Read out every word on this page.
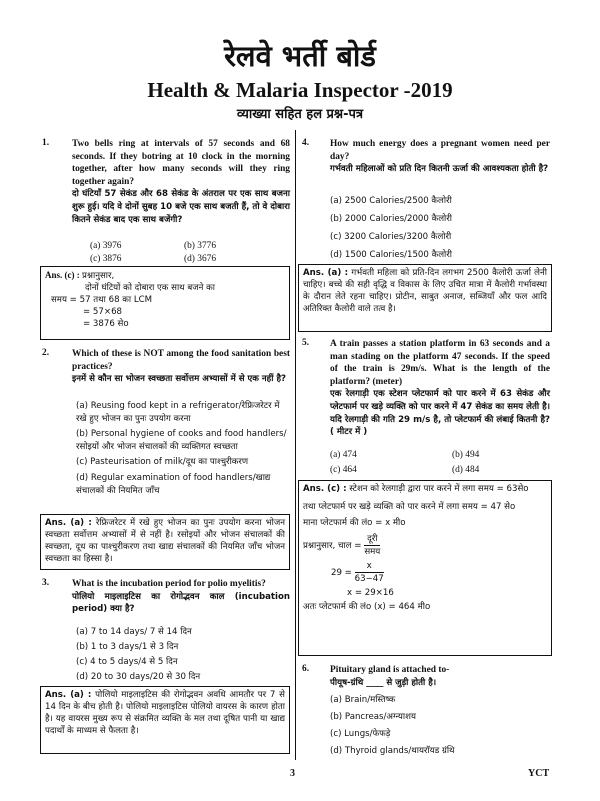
रेलवे भर्ती बोर्ड
Health & Malaria Inspector -2019
व्याख्या सहित हल प्रश्न-पत्र
1. Two bells ring at intervals of 57 seconds and 68 seconds. If they botring at 10 clock in the morning together, after how many seconds will they ring together again?
दो घंटियाँ 57 सेकंड और 68 सेकंड के अंतराल पर एक साथ बजना शुरू हुई। यदि वे दोनों सुबह 10 बजे एक साथ बजती हैं, तो वे दोबारा कितने सेकंड बाद एक साथ बजेंगी?
(a) 3976	(b) 3776
(c) 3876	(d) 3676
Ans. (c) : प्रश्नानुसार,
दोनों घंटियों को दोबारा एक साथ बजने का
समय = 57 तथा 68 का LCM
= 57×68
= 3876 सेo
2. Which of these is NOT among the food sanitation best practices?
इनमें से कौन सा भोजन स्वच्छता सर्वोत्तम अभ्यासों में से एक नहीं है?
(a) Reusing food kept in a refrigerator/रेफ्रिजरेटर में रखे हुए भोजन का पुनः उपयोग करना
(b) Personal hygiene of cooks and food handlers/रसोइयों और भोजन संचालकों की व्यक्तिगत स्वच्छता
(c) Pasteurisation of milk/दूध का पाश्चुरीकरण
(d) Regular examination of food handlers/खाद्य संचालकों की नियमित जाँच
Ans. (a) : रेफ्रिजरेटर में रखे हुए भोजन का पुनः उपयोग करना भोजन स्वच्छता सर्वोत्तम अभ्यासों में से नहीं है। रसोइयों और भोजन संचालकों की स्वच्छता, दूध का पाश्चुरीकरण तथा खाद्य संचालकों की नियमित जाँच भोजन स्वच्छता का हिस्सा है।
3. What is the incubation period for polio myelitis?
पोलियो माइलाइटिस का रोगोद्भवन काल (incubation period) क्या है?
(a) 7 to 14 days/ 7 से 14 दिन
(b) 1 to 3 days/1 से 3 दिन
(c) 4 to 5 days/4 से 5 दिन
(d) 20 to 30 days/20 से 30 दिन
Ans. (a) : पोलियो माइलाइटिस की रोगोद्भवन अवधि आमतौर पर 7 से 14 दिन के बीच होती है। पोलियो माइलाइटिस पोलियो वायरस के कारण होता है। यह वायरस मुख्य रूप से संक्रमित व्यक्ति के मल तथा दूषित पानी या खाद्य पदार्थों के माध्यम से फैलता है।
4. How much energy does a pregnant women need per day?
गर्भवती महिलाओं को प्रति दिन कितनी ऊर्जा की आवश्यकता होती है?
(a) 2500 Calories/2500 कैलोरी
(b) 2000 Calories/2000 कैलोरी
(c) 3200 Calories/3200 कैलोरी
(d) 1500 Calories/1500 कैलोरी
Ans. (a) : गर्भवती महिला को प्रति-दिन लगभग 2500 कैलोरी ऊर्जा लेनी चाहिए। बच्चे की सही वृद्धि व विकास के लिए उचित मात्रा में कैलोरी गर्भावस्था के दौरान लेते रहना चाहिए। प्रोटीन, साबुत अनाज, सब्जियाँ और फल आदि अतिरिक्त कैलोरी वाले तत्व है।
5. A train passes a station platform in 63 seconds and a man stading on the platform 47 seconds. If the speed of the train is 29m/s. What is the length of the platform? (meter)
एक रेलगाड़ी एक स्टेशन प्लेटफार्म को पार करने में 63 सेकंड और प्लेटफार्म पर खड़े व्यक्ति को पार करने में 47 सेकंड का समय लेती है। यदि रेलगाड़ी की गति 29 m/s है, तो प्लेटफार्म की लंबाई कितनी है? ( मीटर में )
(a) 474	(b) 494
(c) 464	(d) 484
Ans. (c) : स्टेशन को रेलगाड़ी द्वारा पार करने में लगा समय = 63सेo
तथा प्लेटफार्म पर खड़े व्यक्ति को पार करने में लगा समय = 47 सेo
माना प्लेटफार्म की लंo = x मीo
प्रश्नानुसार, चाल = $\frac{\text{दूरी}}{\text{समय}}$
$29 = \frac{x}{63-47}$
x = 29×16
अतः प्लेटफार्म की लंo (x) = 464 मीo
6. Pituitary gland is attached to-
पीयूष-ग्रंथि ____ से जुड़ी होती है।
(a) Brain/मस्तिष्क
(b) Pancreas/अग्न्याशय
(c) Lungs/फेफड़े
(d) Thyroid glands/थायरॉयड ग्रंथि
3	YCT
